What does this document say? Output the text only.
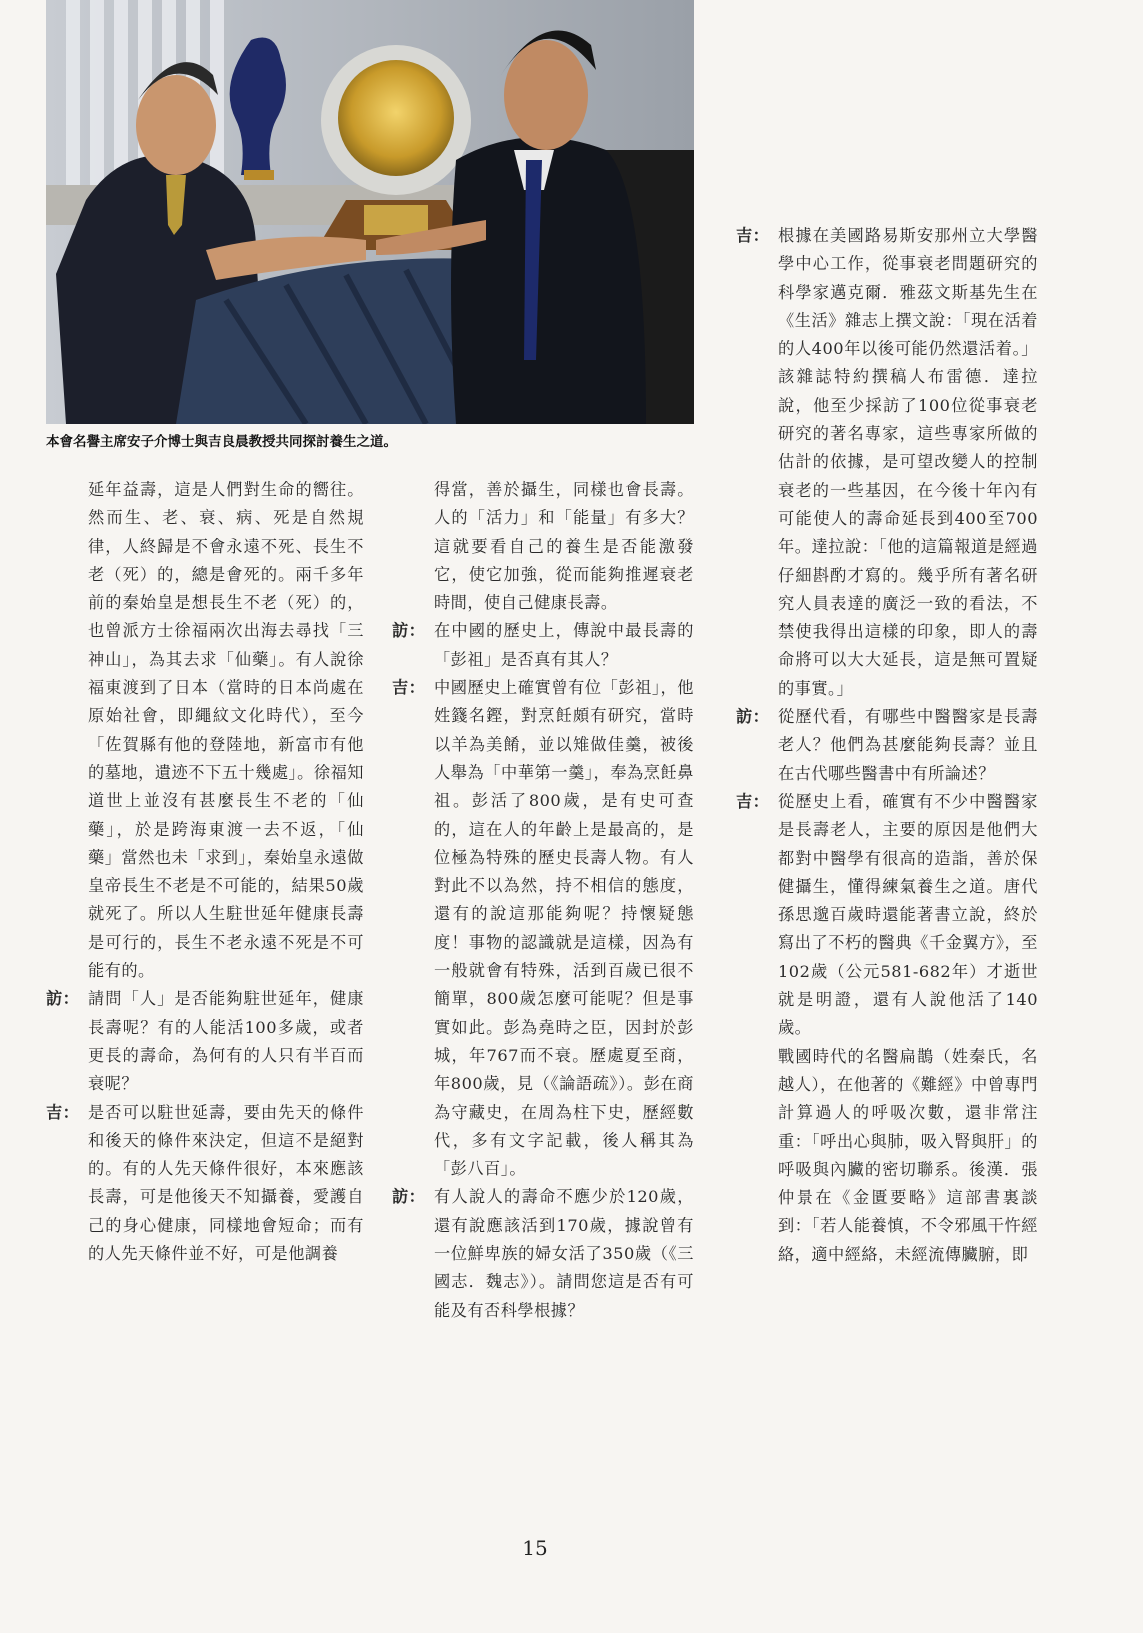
本會名譽主席安子介博士與吉良晨教授共同探討養生之道。

延年益壽，這是人們對生命的嚮往。然而生、老、衰、病、死是自然規律，人終歸是不會永遠不死、長生不老（死）的，總是會死的。兩千多年前的秦始皇是想長生不老（死）的，也曾派方士徐福兩次出海去尋找「三神山」，為其去求「仙藥」。有人說徐福東渡到了日本（當時的日本尚處在原始社會，即繩紋文化時代），至今「佐賀縣有他的登陸地，新富市有他的墓地，遺迹不下五十幾處」。徐福知道世上並沒有甚麼長生不老的「仙藥」，於是跨海東渡一去不返，「仙藥」當然也未「求到」，秦始皇永遠做皇帝長生不老是不可能的，結果50歲就死了。所以人生駐世延年健康長壽是可行的，長生不老永遠不死是不可能有的。

訪： 請問「人」是否能夠駐世延年，健康長壽呢？有的人能活100多歲，或者更長的壽命，為何有的人只有半百而衰呢？

吉： 是否可以駐世延壽，要由先天的條件和後天的條件來決定，但這不是絕對的。有的人先天條件很好，本來應該長壽，可是他後天不知攝養，愛護自己的身心健康，同樣地會短命；而有的人先天條件並不好，可是他調養

得當，善於攝生，同樣也會長壽。人的「活力」和「能量」有多大？這就要看自己的養生是否能激發它，使它加強，從而能夠推遲衰老時間，使自己健康長壽。

訪： 在中國的歷史上，傳說中最長壽的「彭祖」是否真有其人？

吉： 中國歷史上確實曾有位「彭祖」，他姓籛名鏗，對烹飪頗有研究，當時以羊為美餚，並以雉做佳羹，被後人舉為「中華第一羹」，奉為烹飪鼻祖。彭活了800歲，是有史可查的，這在人的年齡上是最高的，是位極為特殊的歷史長壽人物。有人對此不以為然，持不相信的態度，還有的說這那能夠呢？持懷疑態度！事物的認識就是這樣，因為有一般就會有特殊，活到百歲已很不簡單，800歲怎麼可能呢？但是事實如此。彭為堯時之臣，因封於彭城，年767而不衰。歷處夏至商，年800歲，見（《論語疏》）。彭在商為守藏史，在周為柱下史，歷經數代，多有文字記載，後人稱其為「彭八百」。

訪： 有人說人的壽命不應少於120歲，還有說應該活到170歲，據說曾有一位鮮卑族的婦女活了350歲（《三國志．魏志》）。請問您這是否有可能及有否科學根據？

吉： 根據在美國路易斯安那州立大學醫學中心工作，從事衰老問題研究的科學家邁克爾．雅茲文斯基先生在《生活》雜志上撰文說：「現在活着的人400年以後可能仍然還活着。」該雜誌特約撰稿人布雷德．達拉說，他至少採訪了100位從事衰老研究的著名專家，這些專家所做的估計的依據，是可望改變人的控制衰老的一些基因，在今後十年內有可能使人的壽命延長到400至700年。達拉說：「他的這篇報道是經過仔細斟酌才寫的。幾乎所有著名研究人員表達的廣泛一致的看法，不禁使我得出這樣的印象，即人的壽命將可以大大延長，這是無可置疑的事實。」

訪： 從歷代看，有哪些中醫醫家是長壽老人？他們為甚麼能夠長壽？並且在古代哪些醫書中有所論述？

吉： 從歷史上看，確實有不少中醫醫家是長壽老人，主要的原因是他們大都對中醫學有很高的造詣，善於保健攝生，懂得練氣養生之道。唐代孫思邈百歲時還能著書立說，終於寫出了不朽的醫典《千金翼方》，至102歲（公元581-682年）才逝世就是明證，還有人說他活了140歲。

戰國時代的名醫扁鵲（姓秦氏，名越人），在他著的《難經》中曾專門計算過人的呼吸次數，還非常注重：「呼出心與肺，吸入腎與肝」的呼吸與內臟的密切聯系。後漢．張仲景在《金匱要略》這部書裏談到：「若人能養慎，不令邪風干忤經絡，適中經絡，未經流傳臟腑，即

15
